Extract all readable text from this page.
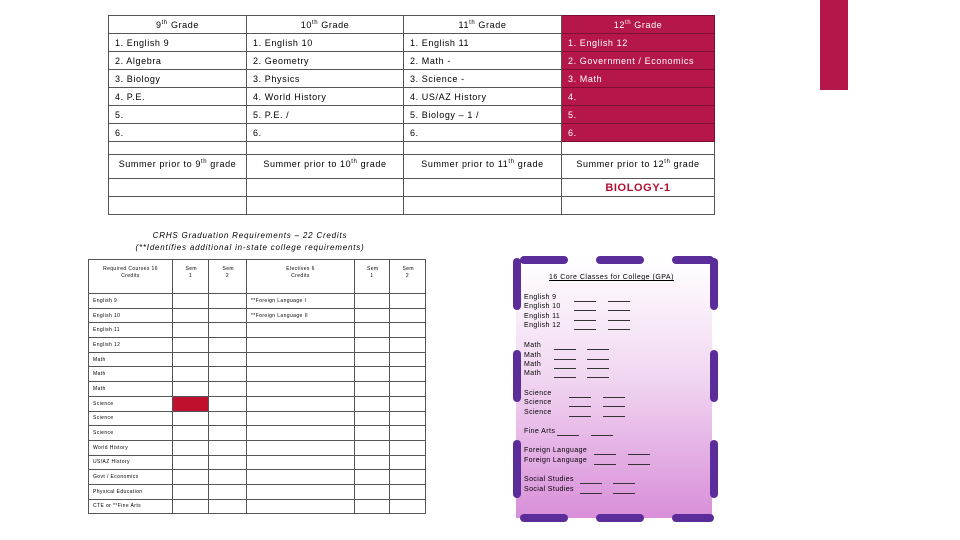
9th Grade	10th Grade	11th Grade	12th Grade
1. English 9	1. English 10	1. English 11	1. English 12
2. Algebra	2. Geometry	2. Math -	2. Government / Economics
3. Biology	3. Physics	3. Science -	3. Math
4. P.E.	4. World History	4. US/AZ History	4.
5.	5. P.E. /	5. Biology – 1 /	5.
6.	6.	6.	6.

Summer prior to 9th grade	Summer prior to 10th grade	Summer prior to 11th grade	Summer prior to 12th grade
			BIOLOGY-1

CRHS Graduation Requirements – 22 Credits
(**Identifies additional in-state college requirements)
Required Courses 16 Credits	Sem 1	Sem 2	Electives 6 Credits	Sem 1	Sem 2

English 9			**Foreign Language I		
English 10			**Foreign Language II		
English 11					
English 12					
Math					
Math					
Math					
Science					
Science					
Science					
World History					
US/AZ History					
Govt / Economics					
Physical Education					
CTE or **Fine Arts					
16 Core Classes for College (GPA)
English 9
English 10
English 11
English 12
Math
Math
Math
Math
Science
Science
Science
Fine Arts
Foreign Language
Foreign Language
Social Studies
Social Studies
